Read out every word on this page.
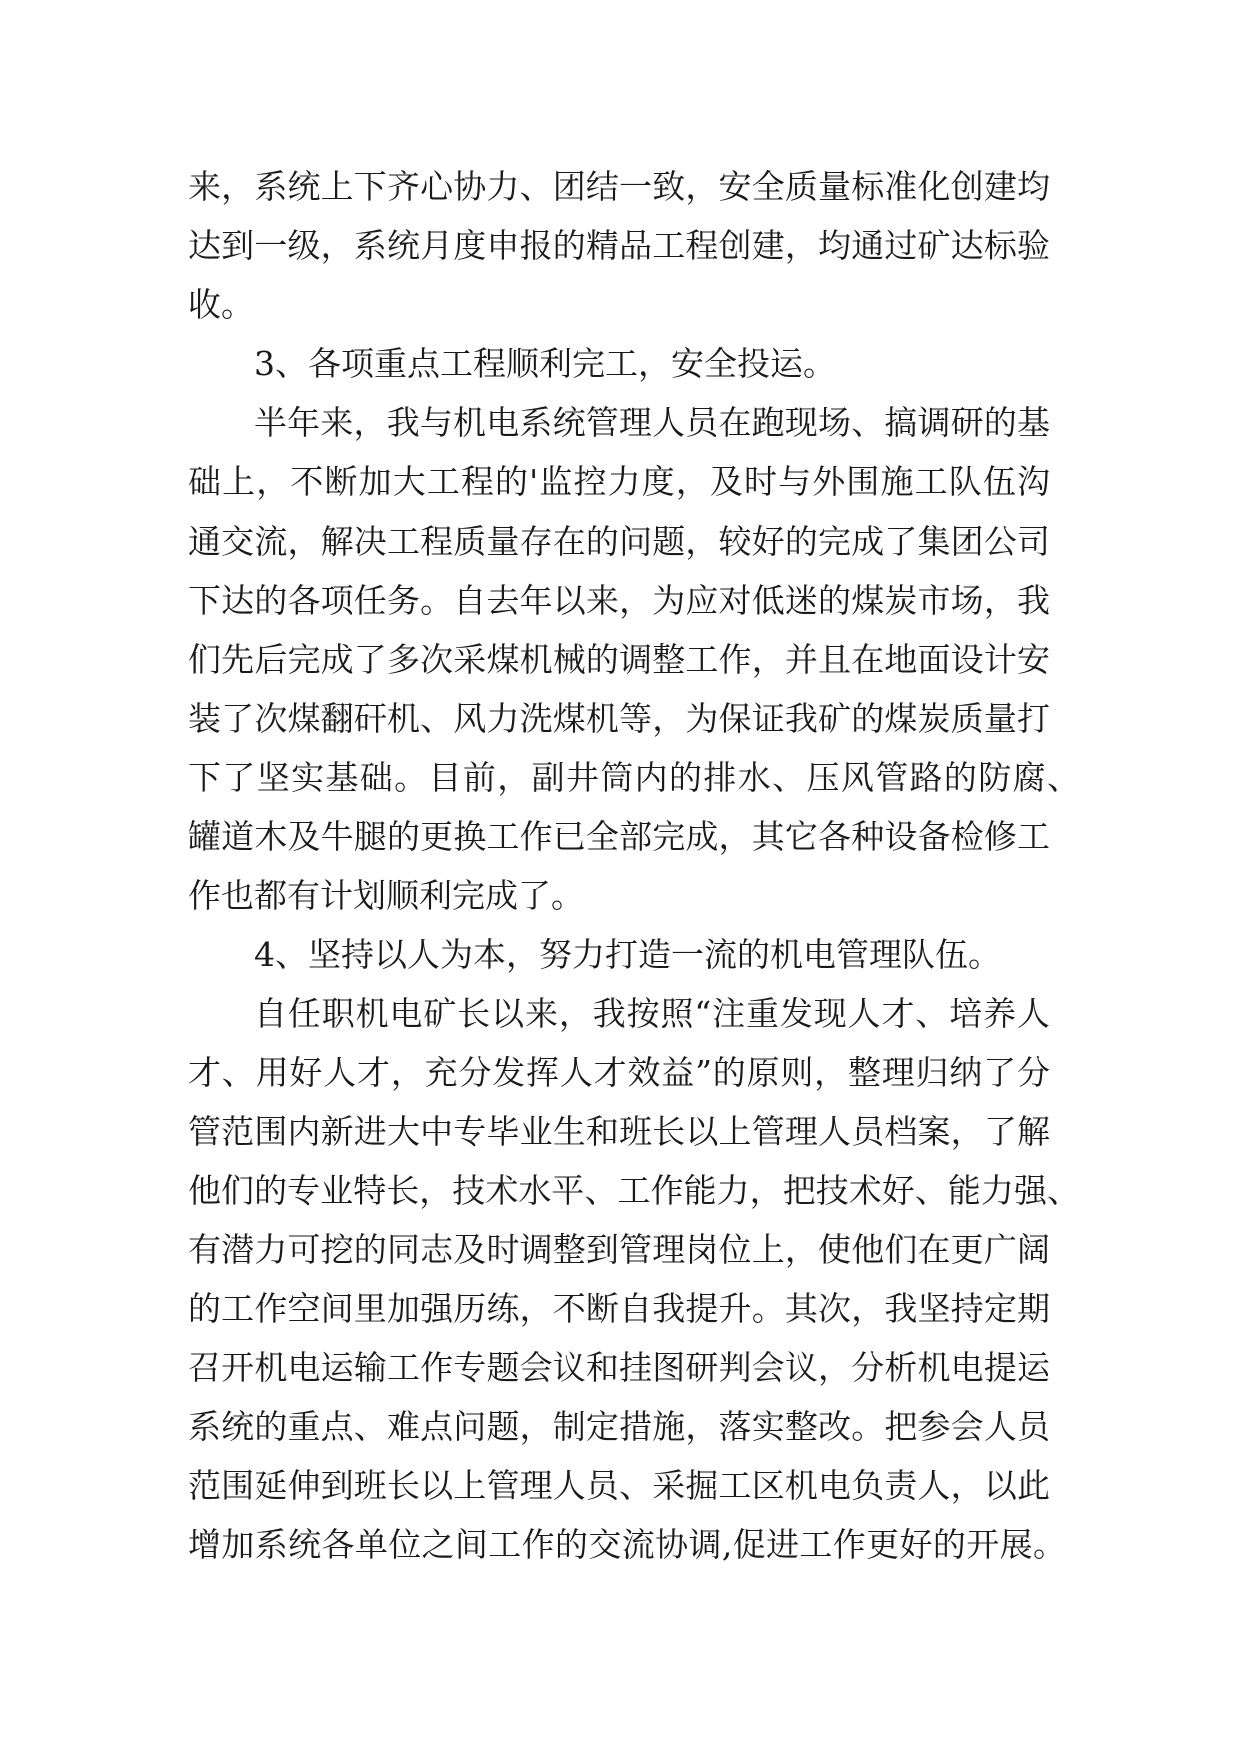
来，系统上下齐心协力、团结一致，安全质量标准化创建均
达到一级，系统月度申报的精品工程创建，均通过矿达标验
收。
3、各项重点工程顺利完工，安全投运。
半年来，我与机电系统管理人员在跑现场、搞调研的基
础上，不断加大工程的'监控力度，及时与外围施工队伍沟
通交流，解决工程质量存在的问题，较好的完成了集团公司
下达的各项任务。自去年以来，为应对低迷的煤炭市场，我
们先后完成了多次采煤机械的调整工作，并且在地面设计安
装了次煤翻矸机、风力洗煤机等，为保证我矿的煤炭质量打
下了坚实基础。目前，副井筒内的排水、压风管路的防腐、
罐道木及牛腿的更换工作已全部完成，其它各种设备检修工
作也都有计划顺利完成了。
4、坚持以人为本，努力打造一流的机电管理队伍。
自任职机电矿长以来，我按照“注重发现人才、培养人
才、用好人才，充分发挥人才效益”的原则，整理归纳了分
管范围内新进大中专毕业生和班长以上管理人员档案，了解
他们的专业特长，技术水平、工作能力，把技术好、能力强、
有潜力可挖的同志及时调整到管理岗位上，使他们在更广阔
的工作空间里加强历练，不断自我提升。其次，我坚持定期
召开机电运输工作专题会议和挂图研判会议，分析机电提运
系统的重点、难点问题，制定措施，落实整改。把参会人员
范围延伸到班长以上管理人员、采掘工区机电负责人，以此
增加系统各单位之间工作的交流协调,促进工作更好的开展。
